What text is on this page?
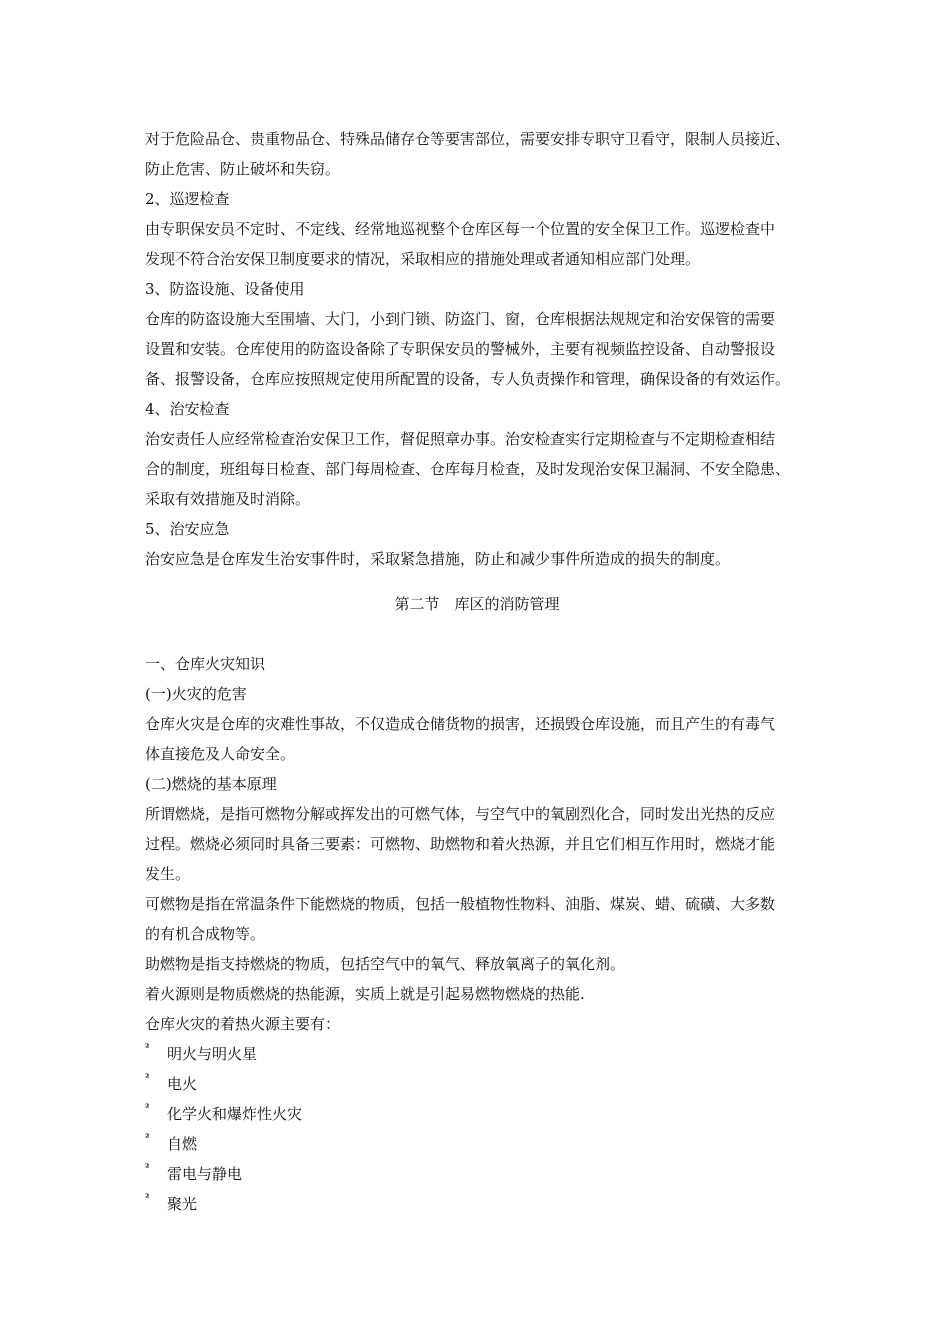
对于危险品仓、贵重物品仓、特殊品储存仓等要害部位，需要安排专职守卫看守，限制人员接近、

防止危害、防止破坏和失窃。

2、巡逻检查

由专职保安员不定时、不定线、经常地巡视整个仓库区每一个位置的安全保卫工作。巡逻检查中

发现不符合治安保卫制度要求的情况，采取相应的措施处理或者通知相应部门处理。

3、防盗设施、设备使用

仓库的防盗设施大至围墙、大门，小到门锁、防盗门、窗，仓库根据法规规定和治安保管的需要

设置和安装。仓库使用的防盗设备除了专职保安员的警械外，主要有视频监控设备、自动警报设

备、报警设备，仓库应按照规定使用所配置的设备，专人负责操作和管理，确保设备的有效运作。

4、治安检查

治安责任人应经常检查治安保卫工作，督促照章办事。治安检查实行定期检查与不定期检查相结

合的制度，班组每日检查、部门每周检查、仓库每月检查，及时发现治安保卫漏洞、不安全隐患、

采取有效措施及时消除。

5、治安应急

治安应急是仓库发生治安事件时，采取紧急措施，防止和减少事件所造成的损失的制度。

第二节　库区的消防管理

一、仓库火灾知识

(一)火灾的危害

仓库火灾是仓库的灾难性事故，不仅造成仓储货物的损害，还损毁仓库设施，而且产生的有毒气

体直接危及人命安全。

(二)燃烧的基本原理

所谓燃烧，是指可燃物分解或挥发出的可燃气体，与空气中的氧剧烈化合，同时发出光热的反应

过程。燃烧必须同时具备三要素：可燃物、助燃物和着火热源，并且它们相互作用时，燃烧才能

发生。

可燃物是指在常温条件下能燃烧的物质，包括一般植物性物料、油脂、煤炭、蜡、硫磺、大多数

的有机合成物等。

助燃物是指支持燃烧的物质，包括空气中的氧气、释放氧离子的氧化剂。

着火源则是物质燃烧的热能源，实质上就是引起易燃物燃烧的热能.

仓库火灾的着热火源主要有：

²	明火与明火星
²	电火
²	化学火和爆炸性火灾
²	自燃
²	雷电与静电
²	聚光
